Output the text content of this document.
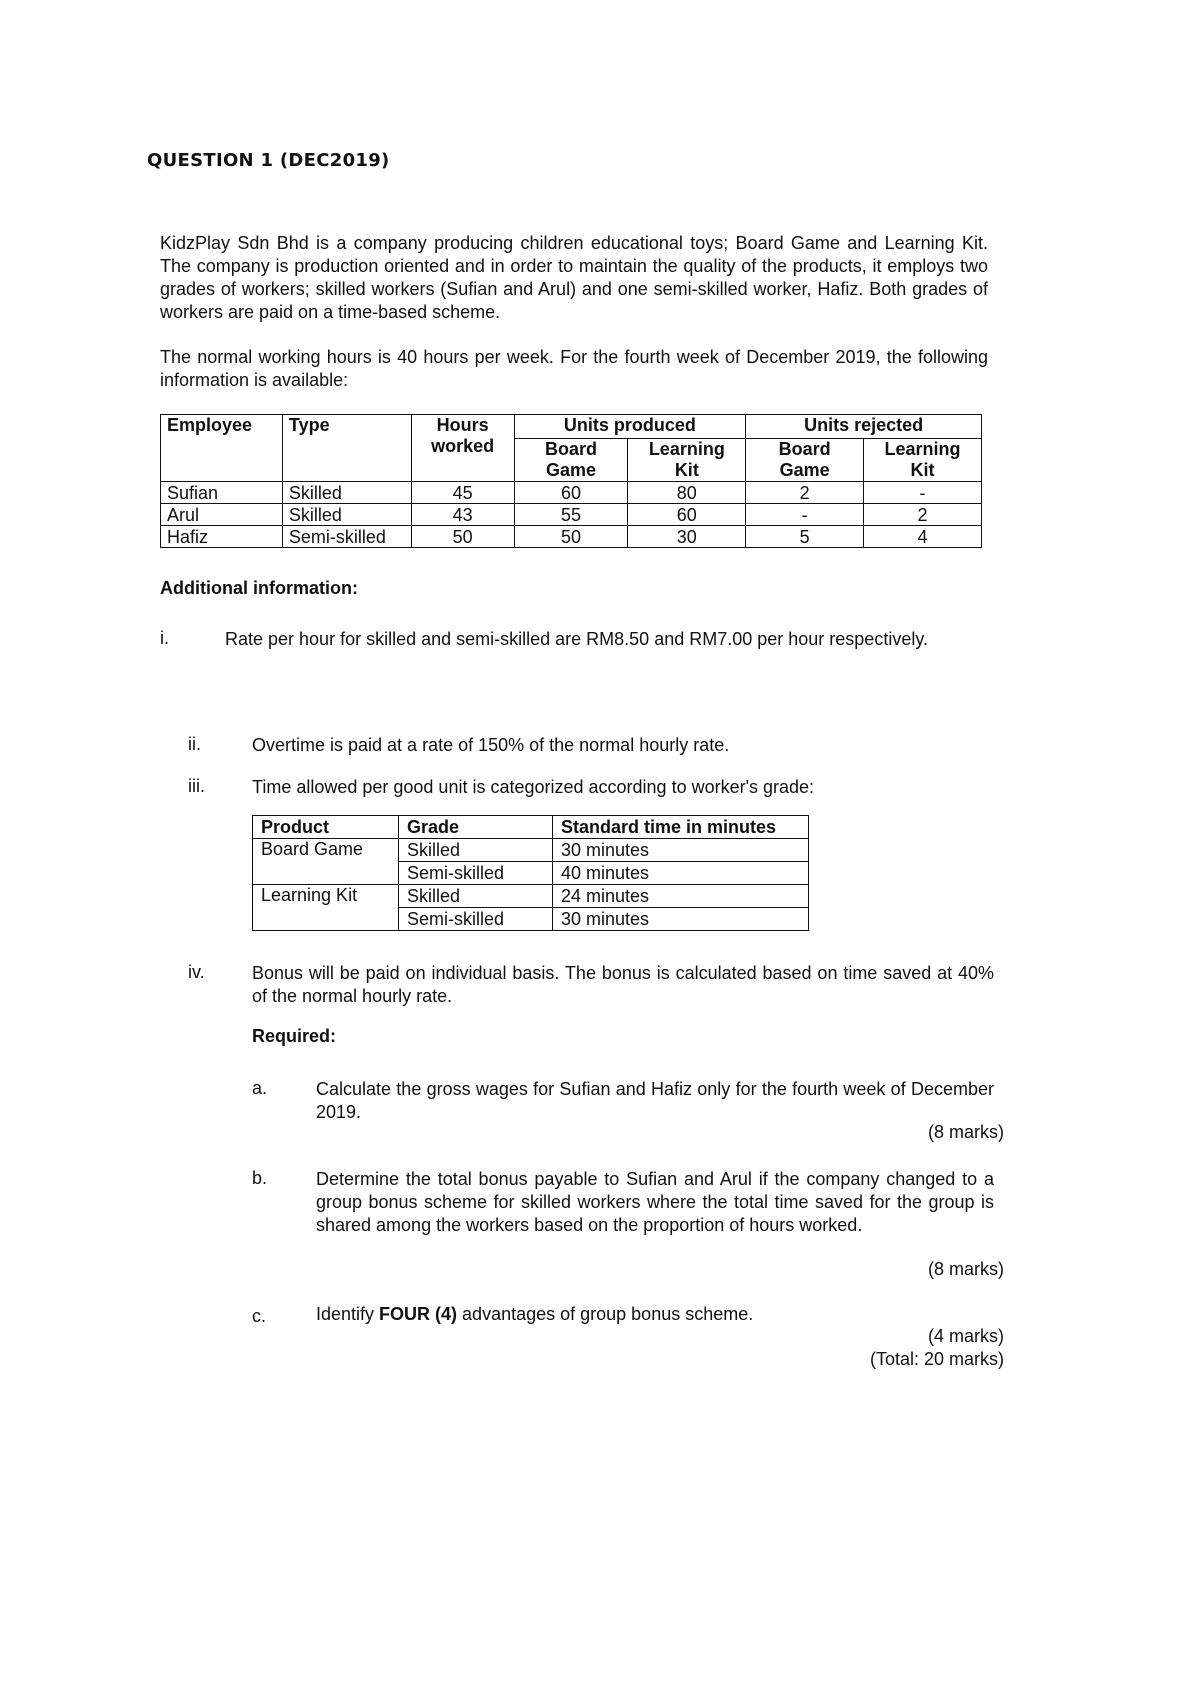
QUESTION 1 (DEC2019)

KidzPlay Sdn Bhd is a company producing children educational toys; Board Game and Learning Kit. The company is production oriented and in order to maintain the quality of the products, it employs two grades of workers; skilled workers (Sufian and Arul) and one semi-skilled worker, Hafiz. Both grades of workers are paid on a time-based scheme.

The normal working hours is 40 hours per week. For the fourth week of December 2019, the following information is available:

Employee	Type	Hours worked	Units produced		Units rejected	
			Board Game	Learning Kit	Board Game	Learning Kit
Sufian	Skilled	45	60	80	2	-
Arul	Skilled	43	55	60	-	2
Hafiz	Semi-skilled	50	50	30	5	4
Additional information:
i.	Rate per hour for skilled and semi-skilled are RM8.50 and RM7.00 per hour respectively.

ii.	Overtime is paid at a rate of 150% of the normal hourly rate.

iii.	Time allowed per good unit is categorized according to worker's grade:

Product	Grade	Standard time in minutes
Board Game	Skilled	30 minutes
	Semi-skilled	40 minutes
Learning Kit	Skilled	24 minutes
	Semi-skilled	30 minutes
iv.	Bonus will be paid on individual basis. The bonus is calculated based on time saved at 40% of the normal hourly rate.

Required:
a.	Calculate the gross wages for Sufian and Hafiz only for the fourth week of December 2019.

(8 marks)
b.	Determine the total bonus payable to Sufian and Arul if the company changed to a group bonus scheme for skilled workers where the total time saved for the group is shared among the workers based on the proportion of hours worked.

(8 marks)
c.	Identify FOUR (4) advantages of group bonus scheme.

(4 marks)
(Total: 20 marks)
